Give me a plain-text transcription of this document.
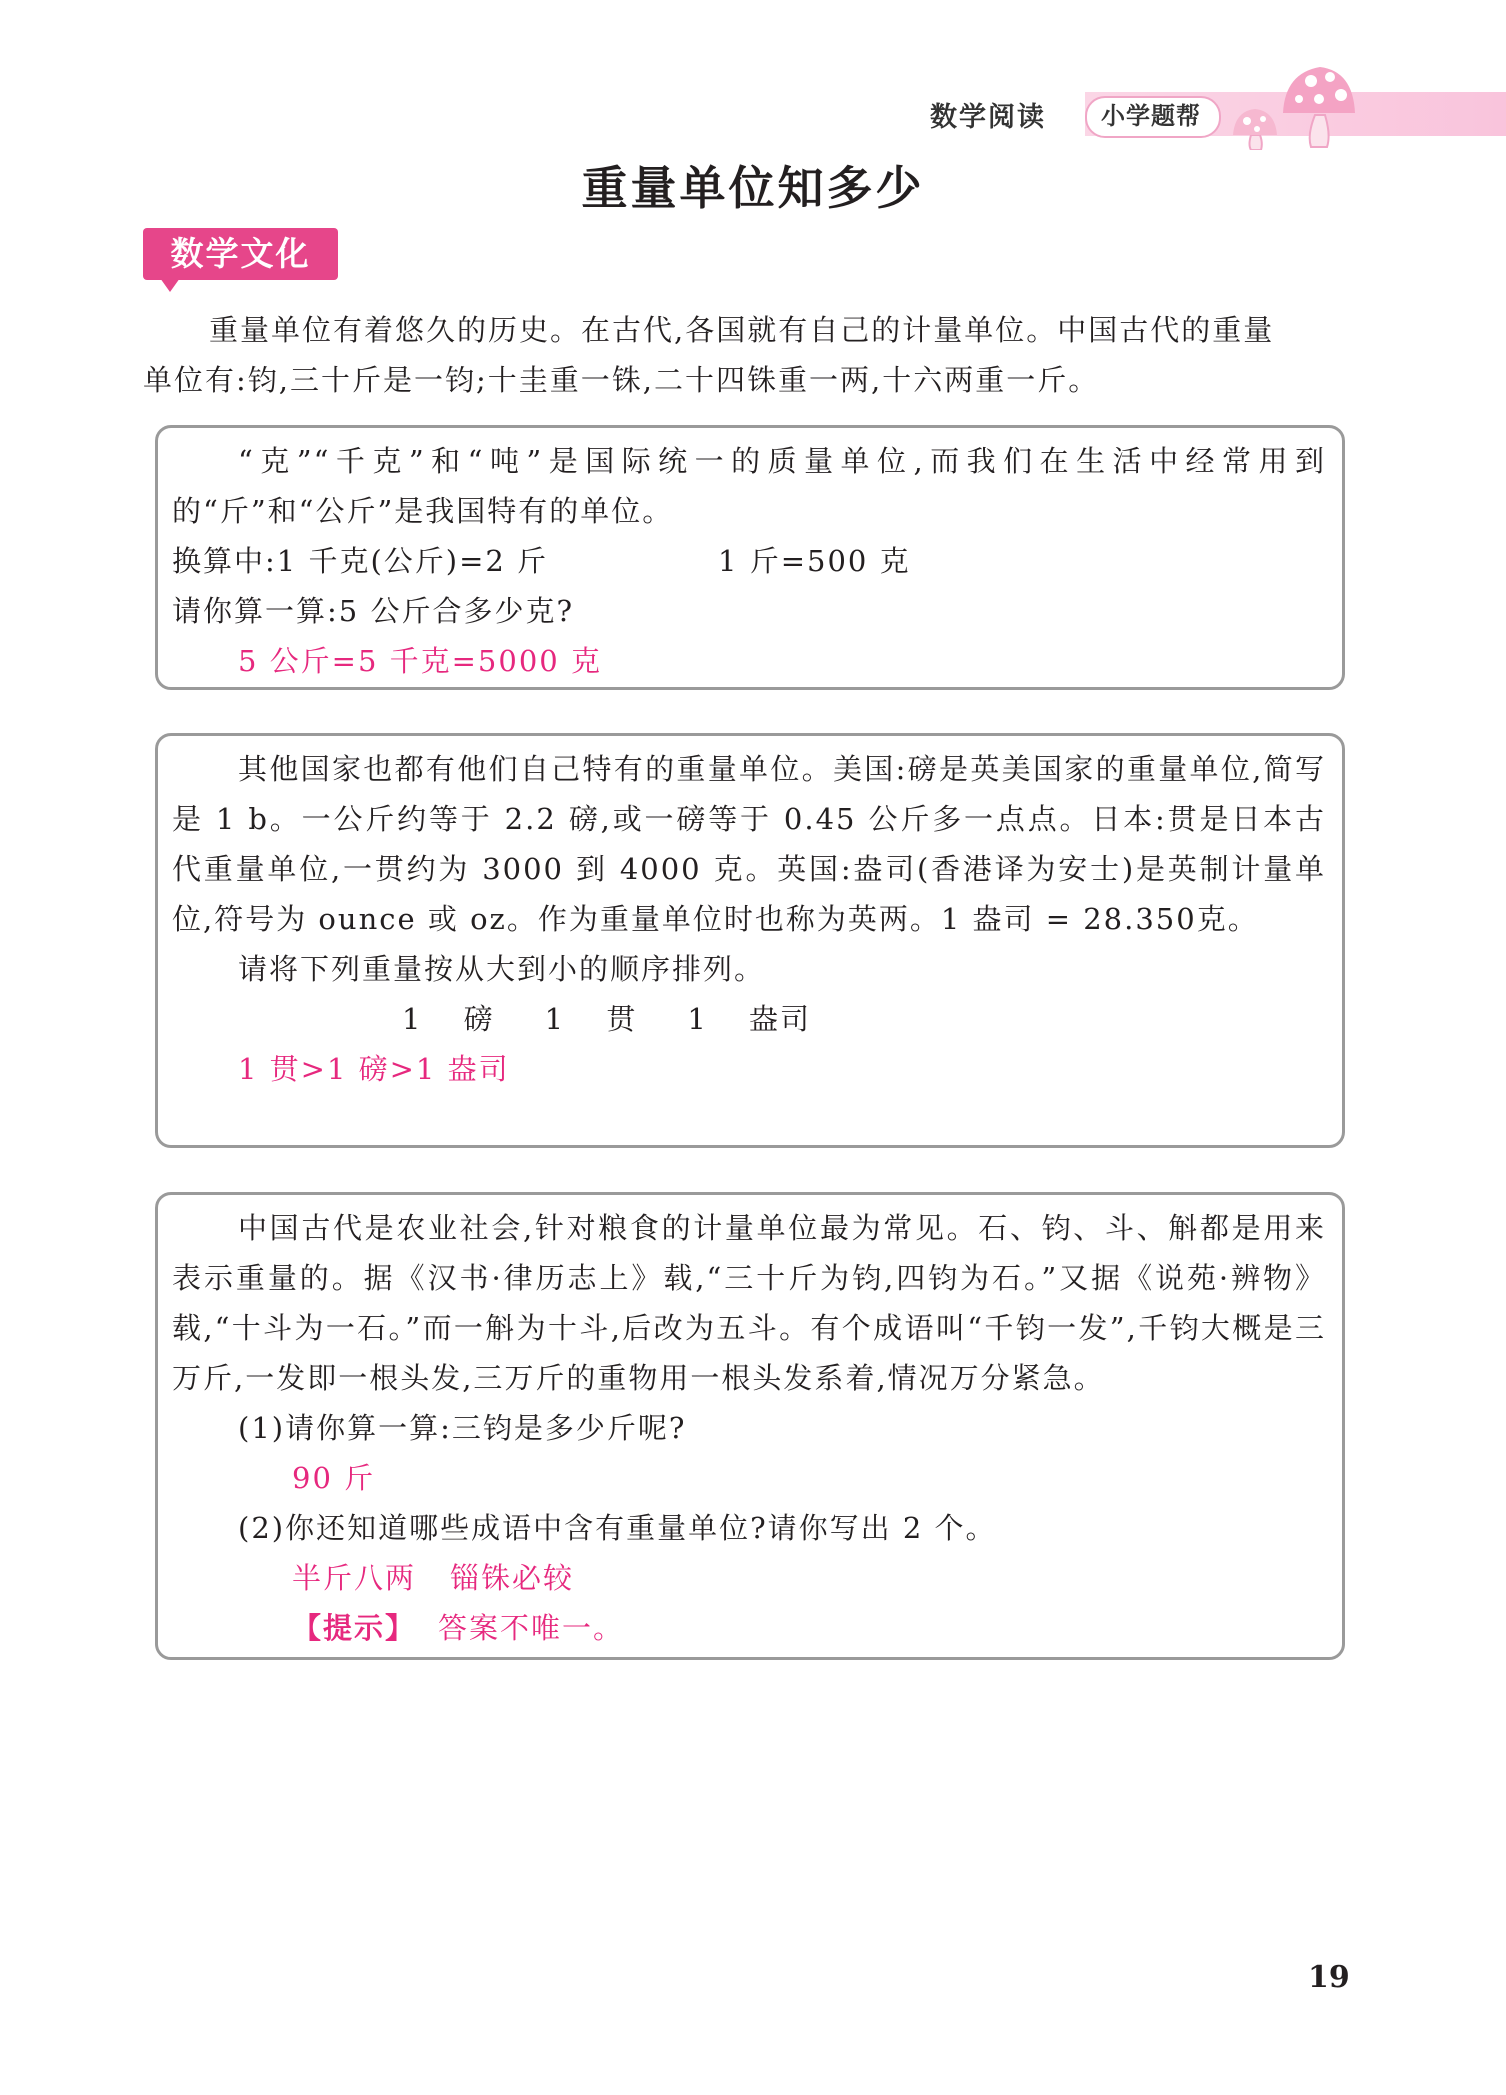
数学阅读	小学题帮
重量单位知多少
数学文化

重量单位有着悠久的历史。在古代,各国就有自己的计量单位。中国古代的重量

单位有:钧,三十斤是一钧;十圭重一铢,二十四铢重一两,十六两重一斤。

“克”“千克”和“吨”是国际统一的质量单位,而我们在生活中经常用到的“斤”和“公斤”是我国特有的单位。

换算中:1 千克(公斤)=2 斤	1 斤=500 克

请你算一算:5 公斤合多少克?

5 公斤=5 千克=5000 克

其他国家也都有他们自己特有的重量单位。美国:磅是英美国家的重量单位,简写是 1 b。一公斤约等于 2.2 磅,或一磅等于 0.45 公斤多一点点。日本:贯是日本古代重量单位,一贯约为 3000 到 4000 克。英国:盎司(香港译为安士)是英制计量单位,符号为 ounce 或 oz。作为重量单位时也称为英两。1 盎司 = 28.350克。

请将下列重量按从大到小的顺序排列。

1 磅 1 贯 1 盎司

1 贯>1 磅>1 盎司

中国古代是农业社会,针对粮食的计量单位最为常见。石、钧、斗、斛都是用来表示重量的。据《汉书·律历志上》载,“三十斤为钧,四钧为石。”又据《说苑·辨物》载,“十斗为一石。”而一斛为十斗,后改为五斗。有个成语叫“千钧一发”,千钧大概是三万斤,一发即一根头发,三万斤的重物用一根头发系着,情况万分紧急。

(1)请你算一算:三钧是多少斤呢?

90 斤

(2)你还知道哪些成语中含有重量单位?请你写出 2 个。

半斤八两 锱铢必较

【提示】 答案不唯一。

19
